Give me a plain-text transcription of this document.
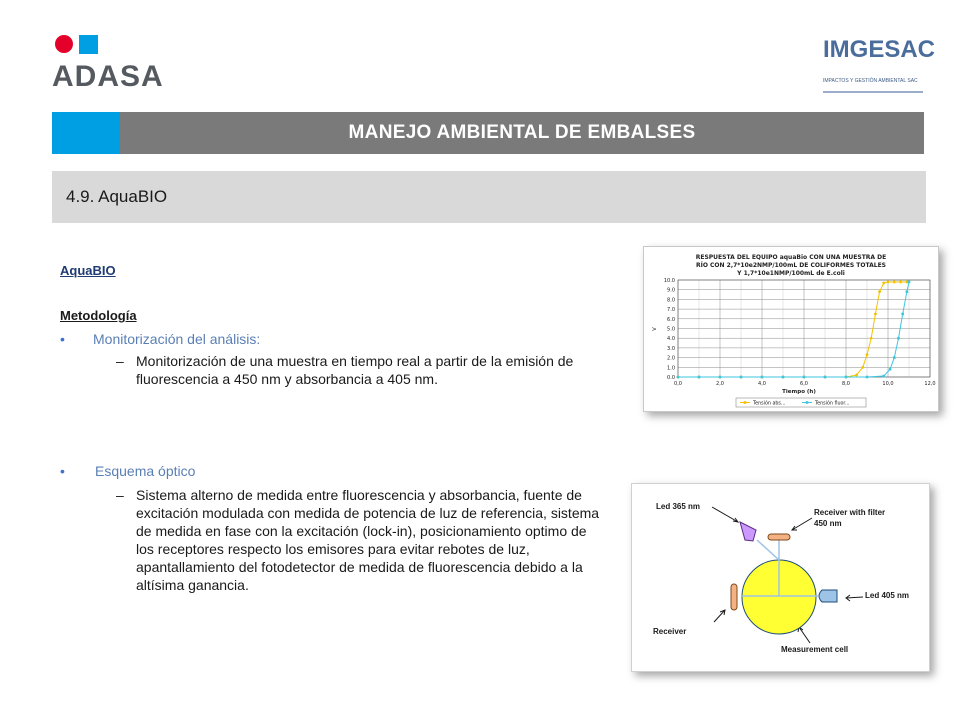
ADASA
IMGESAC
IMPACTOS Y GESTIÓN AMBIENTAL SAC
MANEJO AMBIENTAL DE EMBALSES
4.9. AquaBIO
AquaBIO
Metodología
• Monitorización del análisis:
– Monitorización de una muestra en tiempo real a partir de la emisión de fluorescencia a 450 nm y absorbancia a 405 nm.
• Esquema óptico
– Sistema alterno de medida entre fluorescencia y absorbancia, fuente de excitación modulada con medida de potencia de luz de referencia, sistema de medida en fase con la excitación (lock-in), posicionamiento optimo de los receptores respecto los emisores para evitar rebotes de luz, apantallamiento del fotodetector de medida de fluorescencia debido a la altísima ganancia.
RESPUESTA DEL EQUIPO aquaBio CON UNA MUESTRA DE
RÍO CON 2,7*10e2NMP/100mL DE COLIFORMES TOTALES
Y 1,7*10e1NMP/100mL de E.coli
0.0
1.0
2.0
3.0
4.0
5.0
6.0
7.0
8.0
9.0
10.0
0,0	2,0	4,0	6,0	8,0	10,0	12,0
V
Tiempo (h)
Tensión abs...	Tensión fluor...
Led 365 nm
Receiver with filter
450 nm
Led 405 nm
Receiver
Measurement cell
